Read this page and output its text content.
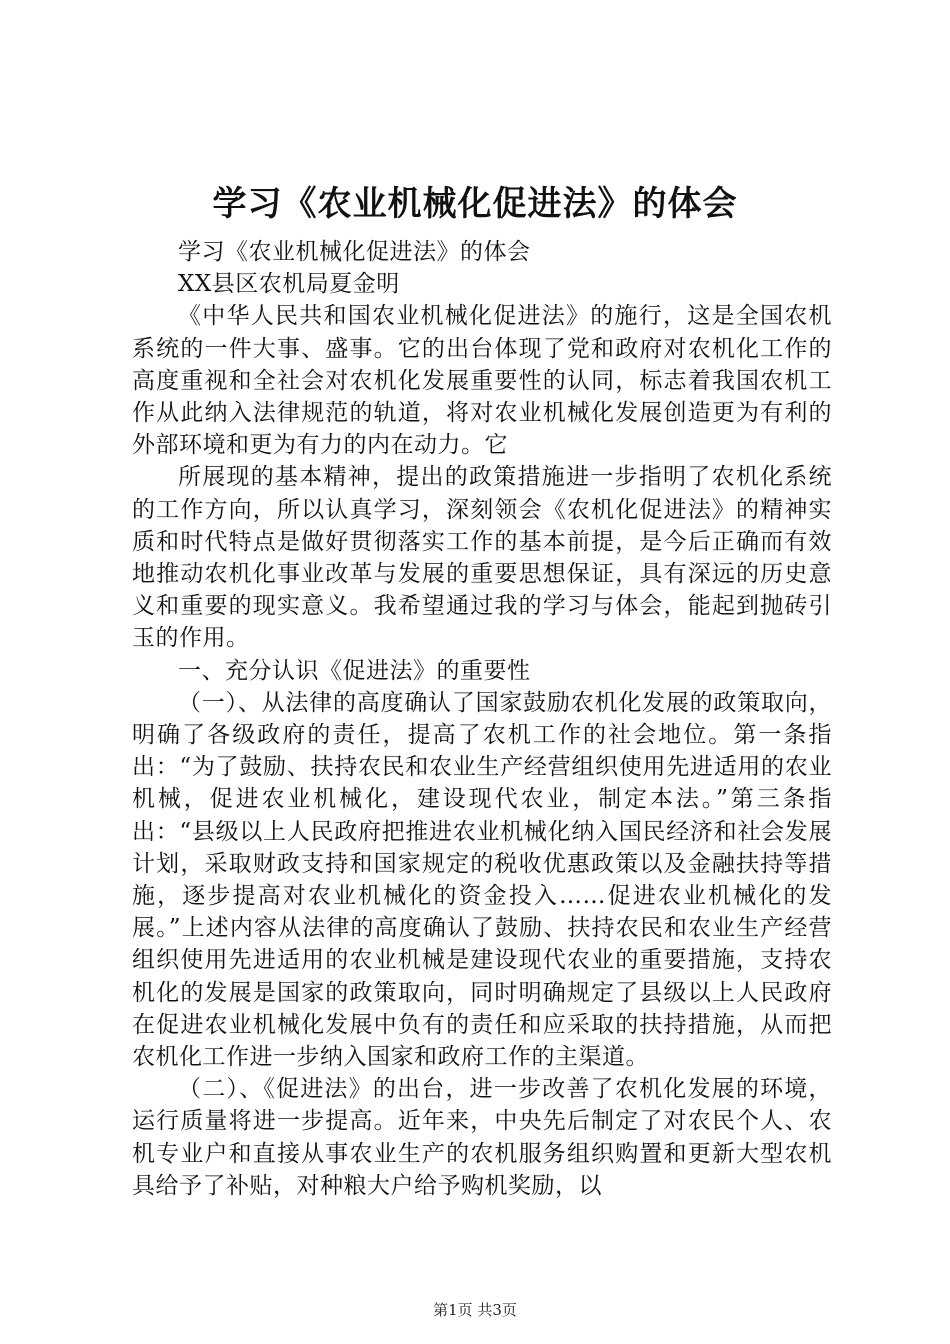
学习《农业机械化促进法》的体会

学习《农业机械化促进法》的体会

XX县区农机局夏金明

《中华人民共和国农业机械化促进法》的施行，这是全国农机系统的一件大事、盛事。它的出台体现了党和政府对农机化工作的高度重视和全社会对农机化发展重要性的认同，标志着我国农机工作从此纳入法律规范的轨道，将对农业机械化发展创造更为有利的外部环境和更为有力的内在动力。它

所展现的基本精神，提出的政策措施进一步指明了农机化系统的工作方向，所以认真学习，深刻领会《农机化促进法》的精神实质和时代特点是做好贯彻落实工作的基本前提，是今后正确而有效地推动农机化事业改革与发展的重要思想保证，具有深远的历史意义和重要的现实意义。我希望通过我的学习与体会，能起到抛砖引玉的作用。

一、充分认识《促进法》的重要性

（一）、从法律的高度确认了国家鼓励农机化发展的政策取向，明确了各级政府的责任，提高了农机工作的社会地位。第一条指出：“为了鼓励、扶持农民和农业生产经营组织使用先进适用的农业机械，促进农业机械化，建设现代农业，制定本法。”第三条指出：“县级以上人民政府把推进农业机械化纳入国民经济和社会发展计划，采取财政支持和国家规定的税收优惠政策以及金融扶持等措施，逐步提高对农业机械化的资金投入……促进农业机械化的发展。”上述内容从法律的高度确认了鼓励、扶持农民和农业生产经营组织使用先进适用的农业机械是建设现代农业的重要措施，支持农机化的发展是国家的政策取向，同时明确规定了县级以上人民政府在促进农业机械化发展中负有的责任和应采取的扶持措施，从而把农机化工作进一步纳入国家和政府工作的主渠道。

（二）、《促进法》的出台，进一步改善了农机化发展的环境，运行质量将进一步提高。近年来，中央先后制定了对农民个人、农机专业户和直接从事农业生产的农机服务组织购置和更新大型农机具给予了补贴，对种粮大户给予购机奖励，以

第1页 共3页
